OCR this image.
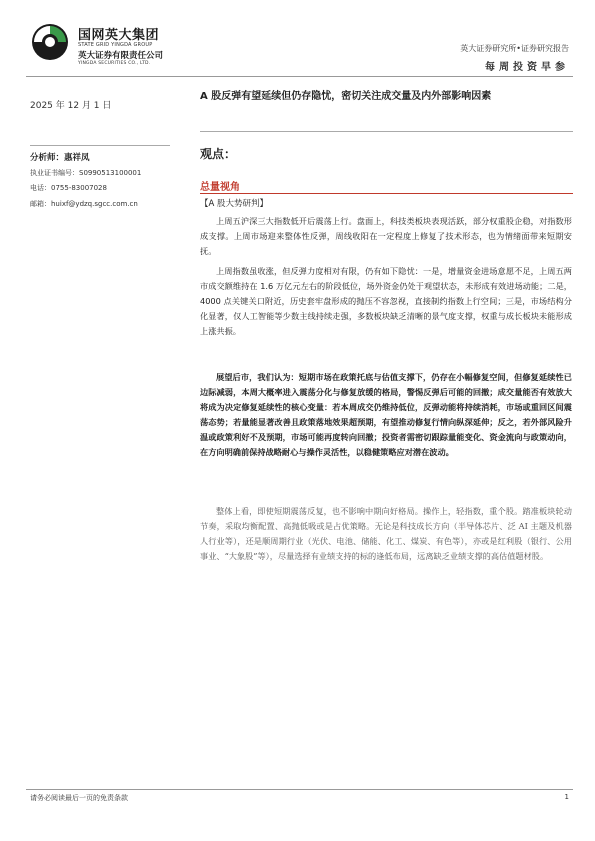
国网英大集团
STATE GRID YINGDA GROUP
英大证券有限责任公司
YINGDA SECURITIES CO., LTD.
英大证券研究所•证券研究报告
每周投资早参
2025 年 12 月 1 日
A 股反弹有望延续但仍存隐忧，密切关注成交量及内外部影响因素
分析师：惠祥凤
执业证书编号：S0990513100001
电话：0755-83007028
邮箱：huixf@ydzq.sgcc.com.cn
观点：
总量视角
【A 股大势研判】
上周五沪深三大指数低开后震荡上行。盘面上，科技类板块表现活跃，部分权重股企稳，对指数形成支撑。上周市场迎来整体性反弹，周线收阳在一定程度上修复了技术形态，也为情绪面带来短期安抚。
上周指数虽收涨，但反弹力度相对有限，仍有如下隐忧：一是，增量资金进场意愿不足，上周五两市成交额维持在 1.6 万亿元左右的阶段低位，场外资金仍处于观望状态，未形成有效进场动能；二是，4000 点关键关口附近，历史套牢盘形成的抛压不容忽视，直接制约指数上行空间；三是，市场结构分化显著，仅人工智能等少数主线持续走强，多数板块缺乏清晰的景气度支撑，权重与成长板块未能形成上涨共振。
展望后市，我们认为：短期市场在政策托底与估值支撑下，仍存在小幅修复空间，但修复延续性已边际减弱，本周大概率进入震荡分化与修复放缓的格局，警惕反弹后可能的回撤；成交量能否有效放大将成为决定修复延续性的核心变量：若本周成交仍维持低位，反弹动能将持续消耗，市场或重回区间震荡态势；若量能显著改善且政策落地效果超预期，有望推动修复行情向纵深延伸；反之，若外部风险升温或政策利好不及预期，市场可能再度转向回撤；投资者需密切跟踪量能变化、资金流向与政策动向，在方向明确前保持战略耐心与操作灵活性，以稳健策略应对潜在波动。
整体上看，即使短期震荡反复，也不影响中期向好格局。操作上，轻指数，重个股。踏准板块轮动节奏，采取均衡配置、高抛低吸或是占优策略。无论是科技成长方向（半导体芯片、泛 AI 主题及机器人行业等），还是顺周期行业（光伏、电池、储能、化工、煤炭、有色等），亦或是红利股（银行、公用事业、“大象股”等），尽量选择有业绩支持的标的逢低布局，远离缺乏业绩支撑的高估值题材股。
请务必阅读最后一页的免责条款	1
